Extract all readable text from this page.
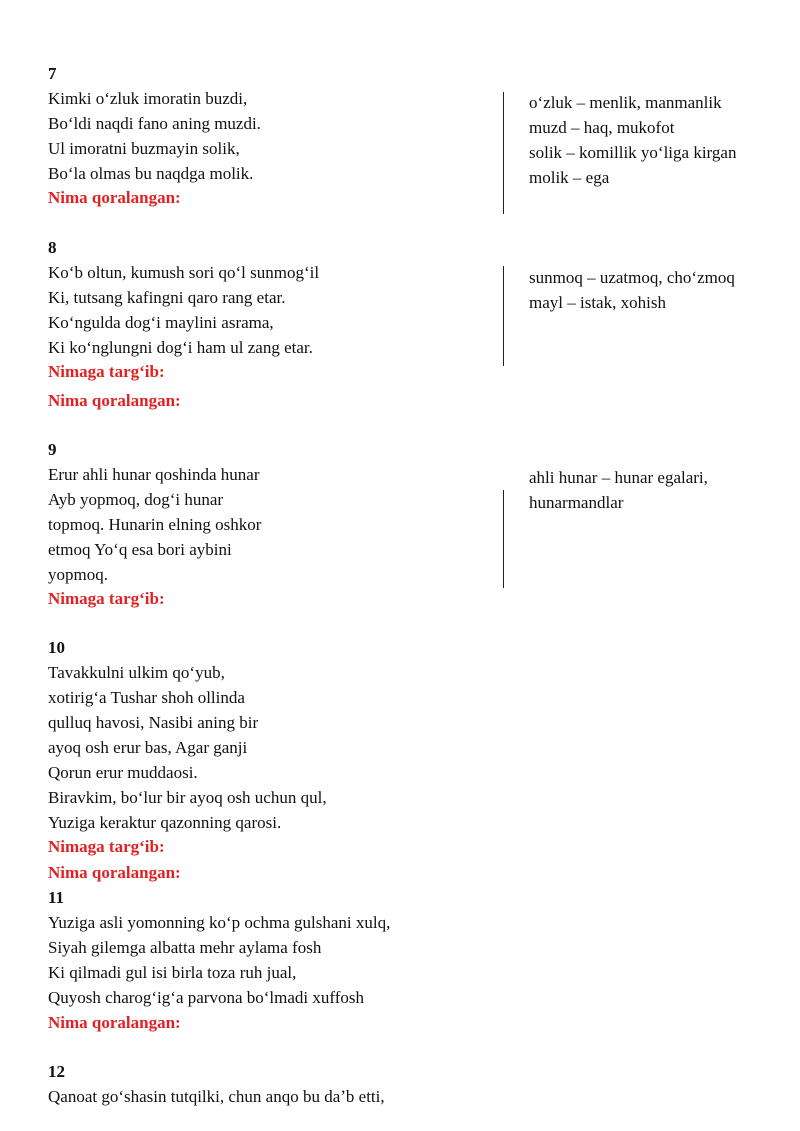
7
Kimki oʻzluk imoratin buzdi,
Boʻldi naqdi fano aning muzdi.
Ul imoratni buzmayin solik,
Boʻla olmas bu naqdga molik.
Nima qoralangan:
oʻzluk – menlik, manmanlik
muzd – haq, mukofot
solik – komillik yoʻliga kirgan
molik – ega
8
Koʻb oltun, kumush sori qoʻl sunmogʻil
Ki, tutsang kafingni qaro rang etar.
Koʻngulda dogʻi maylini asrama,
Ki koʻnglungni dogʻi ham ul zang etar.
Nimaga targʻib:
Nima qoralangan:
sunmoq – uzatmoq, choʻzmoq
mayl – istak, xohish
9
Erur ahli hunar qoshinda hunar
Ayb yopmoq, dogʻi hunar
topmoq. Hunarin elning oshkor
etmoq Yoʻq esa bori aybini
yopmoq.
Nimaga targʻib:
ahli hunar – hunar egalari,
hunarmandlar
10
Tavakkulni ulkim qoʻyub,
xotirigʻa Tushar shoh ollinda
qulluq havosi, Nasibi aning bir
ayoq osh erur bas, Agar ganji
Qorun erur muddaosi.
Biravkim, boʻlur bir ayoq osh uchun qul,
Yuziga keraktur qazonning qarosi.
Nimaga targʻib:
Nima qoralangan:
11
Yuziga asli yomonning koʻp ochma gulshani xulq,
Siyah gilemga albatta mehr aylama fosh
Ki qilmadi gul isi birla toza ruh jual,
Quyosh charogʻigʻa parvona boʻlmadi xuffosh
Nima qoralangan:
12
Qanoat goʻshasin tutqilki, chun anqo bu daʼb etti,
